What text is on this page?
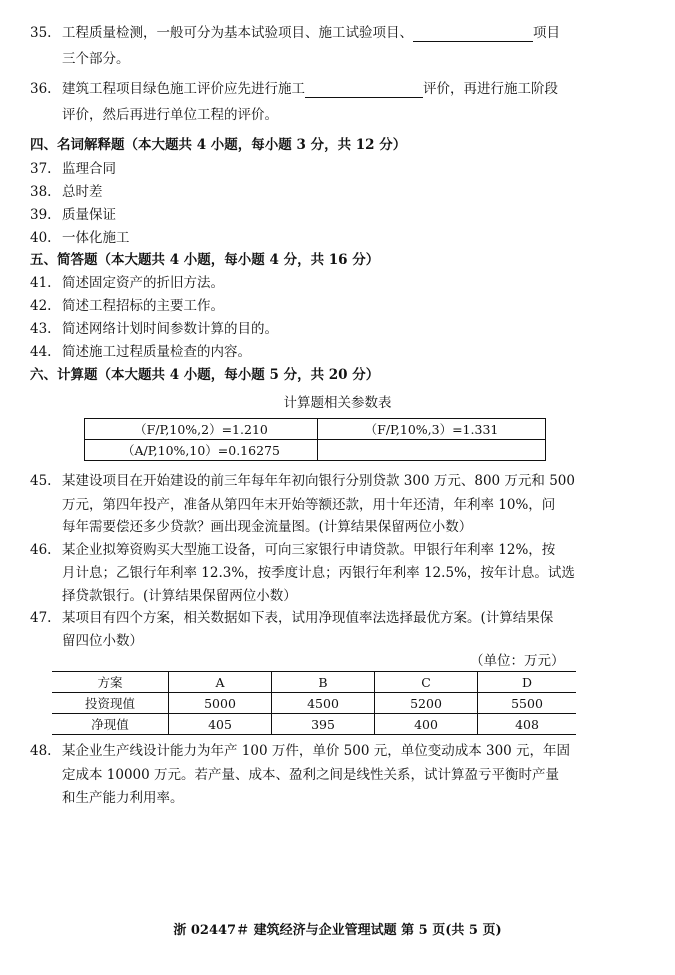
35. 工程质量检测，一般可分为基本试验项目、施工试验项目、	项目
三个部分。
36. 建筑工程项目绿色施工评价应先进行施工	评价，再进行施工阶段
评价，然后再进行单位工程的评价。
四、名词解释题（本大题共 4 小题，每小题 3 分，共 12 分）
37. 监理合同
38. 总时差
39. 质量保证
40. 一体化施工
五、简答题（本大题共 4 小题，每小题 4 分，共 16 分）
41. 简述固定资产的折旧方法。
42. 简述工程招标的主要工作。
43. 简述网络计划时间参数计算的目的。
44. 简述施工过程质量检查的内容。
六、计算题（本大题共 4 小题，每小题 5 分，共 20 分）
计算题相关参数表
（F/P,10%,2）=1.210	（F/P,10%,3）=1.331
（A/P,10%,10）=0.16275	
45. 某建设项目在开始建设的前三年每年年初向银行分别贷款 300 万元、800 万元和 500
万元，第四年投产，准备从第四年末开始等额还款，用十年还清，年利率 10%，问
每年需要偿还多少贷款？画出现金流量图。(计算结果保留两位小数）
46. 某企业拟筹资购买大型施工设备，可向三家银行申请贷款。甲银行年利率 12%，按
月计息；乙银行年利率 12.3%，按季度计息；丙银行年利率 12.5%，按年计息。试选
择贷款银行。(计算结果保留两位小数）
47. 某项目有四个方案，相关数据如下表，试用净现值率法选择最优方案。(计算结果保
留四位小数）
（单位：万元）
方案	A	B	C	D
投资现值	5000	4500	5200	5500
净现值	405	395	400	408
48. 某企业生产线设计能力为年产 100 万件，单价 500 元，单位变动成本 300 元，年固
定成本 10000 万元。若产量、成本、盈利之间是线性关系，试计算盈亏平衡时产量
和生产能力利用率。
浙 02447＃ 建筑经济与企业管理试题 第 5 页(共 5 页)
